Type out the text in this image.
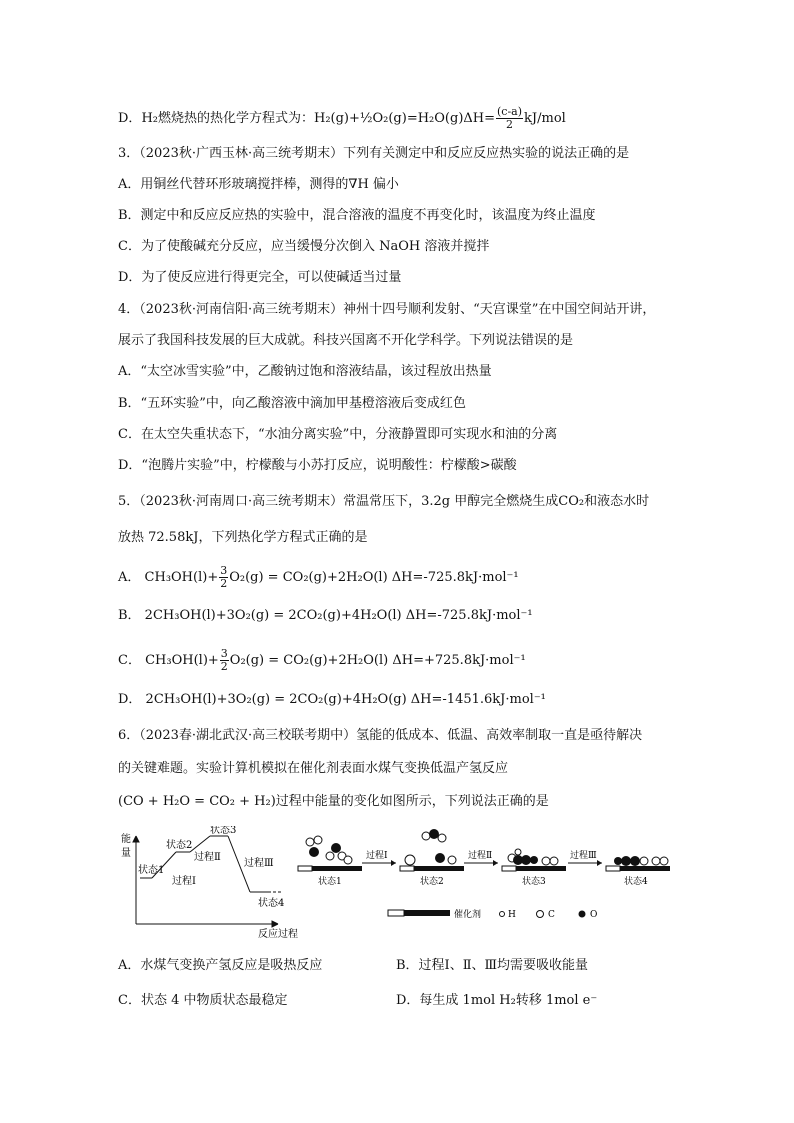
D．H₂燃烧热的热化学方程式为：H₂(g)+½O₂(g)=H₂O(g)ΔH= $\frac{(c-a)}{2} kJ/mol$
3．（2023秋·广西玉林·高三统考期末）下列有关测定中和反应反应热实验的说法正确的是
A．用铜丝代替环形玻璃搅拌棒，测得的∇H 偏小
B．测定中和反应反应热的实验中，混合溶液的温度不再变化时，该温度为终止温度
C．为了使酸碱充分反应，应当缓慢分次倒入 NaOH 溶液并搅拌
D．为了使反应进行得更完全，可以使碱适当过量
4．（2023秋·河南信阳·高三统考期末）神州十四号顺利发射、“天宫课堂”在中国空间站开讲，
展示了我国科技发展的巨大成就。科技兴国离不开化学科学。下列说法错误的是
A．“太空冰雪实验”中，乙酸钠过饱和溶液结晶，该过程放出热量
B．“五环实验”中，向乙酸溶液中滴加甲基橙溶液后变成红色
C．在太空失重状态下，“水油分离实验”中，分液静置即可实现水和油的分离
D．“泡腾片实验”中，柠檬酸与小苏打反应，说明酸性：柠檬酸>碳酸
5．（2023秋·河南周口·高三统考期末）常温常压下，3.2g 甲醇完全燃烧生成CO₂和液态水时
放热 72.58kJ，下列热化学方程式正确的是
A． $CH_3OH(l)+ \frac{3}{2} O_2(g) = CO_2(g)+2H_2O(l)$ ΔH=-725.8kJ·mol⁻¹
B． 2CH₃OH(l)+3O₂(g) = 2CO₂(g)+4H₂O(l) ΔH=-725.8kJ·mol⁻¹
C． $CH_3OH(l)+ \frac{3}{2} O_2(g) = CO_2(g)+2H_2O(l)$ ΔH=+725.8kJ·mol⁻¹
D． 2CH₃OH(l)+3O₂(g) = 2CO₂(g)+4H₂O(g) ΔH=-1451.6kJ·mol⁻¹
6．（2023春·湖北武汉·高三校联考期中）氢能的低成本、低温、高效率制取一直是亟待解决
的关键难题。实验计算机模拟在催化剂表面水煤气变换低温产氢反应
(CO + H₂O = CO₂ + H₂)过程中能量的变化如图所示，下列说法正确的是
能
量
反应过程
状态1
状态2
状态3
状态4
过程Ⅰ
过程Ⅱ
过程Ⅲ
状态1
过程Ⅰ
状态2
过程Ⅱ
状态3
过程Ⅲ
状态4
催化剂	H	C	O
A．水煤气变换产氢反应是吸热反应	B．过程Ⅰ、Ⅱ、Ⅲ均需要吸收能量
C．状态 4 中物质状态最稳定	D．每生成 1mol H₂转移 1mol e⁻
